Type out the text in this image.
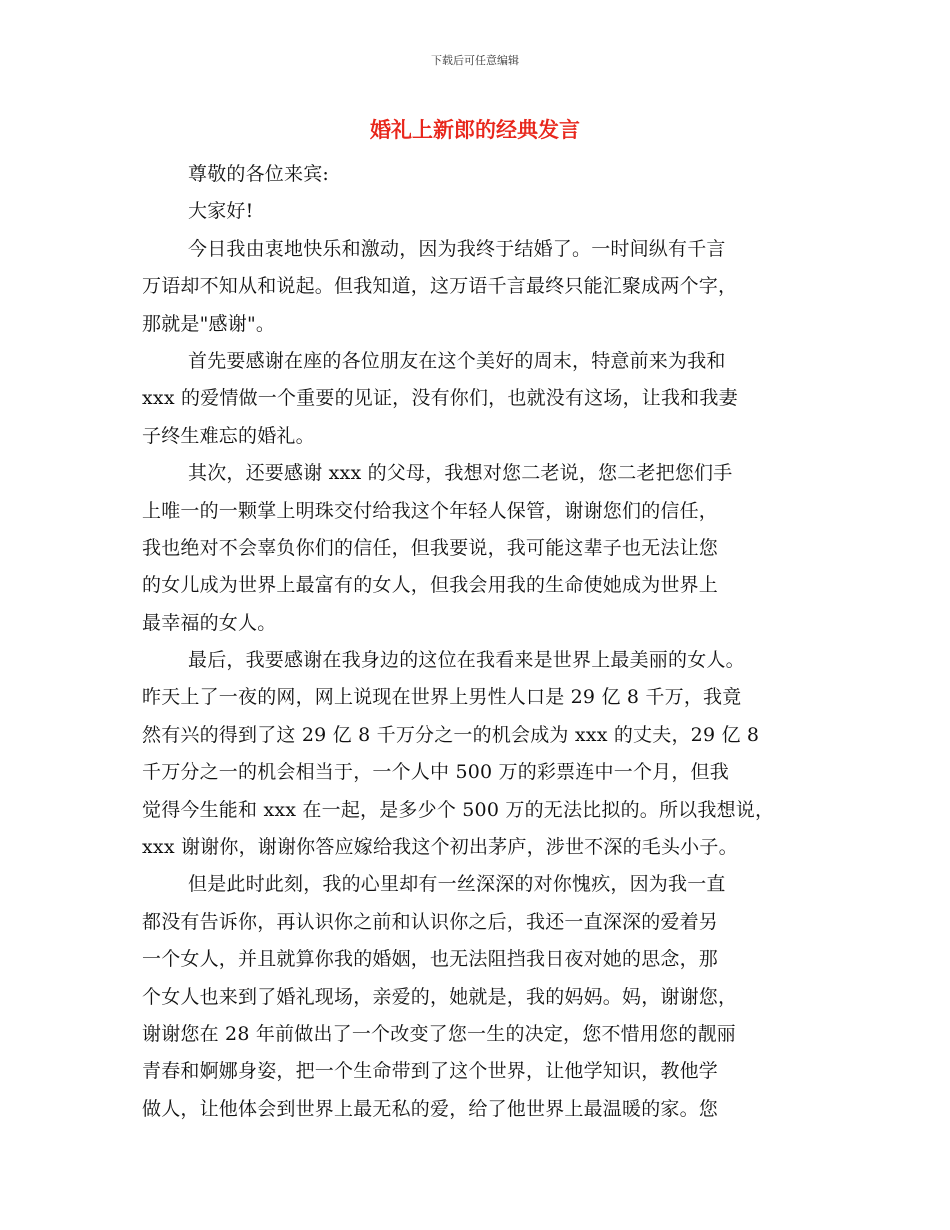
下载后可任意编辑
婚礼上新郎的经典发言
尊敬的各位来宾:
大家好!
今日我由衷地快乐和激动，因为我终于结婚了。一时间纵有千言
万语却不知从和说起。但我知道，这万语千言最终只能汇聚成两个字，
那就是"感谢"。
首先要感谢在座的各位朋友在这个美好的周末，特意前来为我和
xxx 的爱情做一个重要的见证，没有你们，也就没有这场，让我和我妻
子终生难忘的婚礼。
其次，还要感谢 xxx 的父母，我想对您二老说，您二老把您们手
上唯一的一颗掌上明珠交付给我这个年轻人保管，谢谢您们的信任，
我也绝对不会辜负你们的信任，但我要说，我可能这辈子也无法让您
的女儿成为世界上最富有的女人，但我会用我的生命使她成为世界上
最幸福的女人。
最后，我要感谢在我身边的这位在我看来是世界上最美丽的女人。
昨天上了一夜的网，网上说现在世界上男性人口是 29 亿 8 千万，我竟
然有兴的得到了这 29 亿 8 千万分之一的机会成为 xxx 的丈夫，29 亿 8
千万分之一的机会相当于，一个人中 500 万的彩票连中一个月，但我
觉得今生能和 xxx 在一起，是多少个 500 万的无法比拟的。所以我想说，
xxx 谢谢你，谢谢你答应嫁给我这个初出茅庐，涉世不深的毛头小子。
但是此时此刻，我的心里却有一丝深深的对你愧疚，因为我一直
都没有告诉你，再认识你之前和认识你之后，我还一直深深的爱着另
一个女人，并且就算你我的婚姻，也无法阻挡我日夜对她的思念，那
个女人也来到了婚礼现场，亲爱的，她就是，我的妈妈。妈，谢谢您，
谢谢您在 28 年前做出了一个改变了您一生的决定，您不惜用您的靓丽
青春和婀娜身姿，把一个生命带到了这个世界，让他学知识，教他学
做人，让他体会到世界上最无私的爱，给了他世界上最温暖的家。您
